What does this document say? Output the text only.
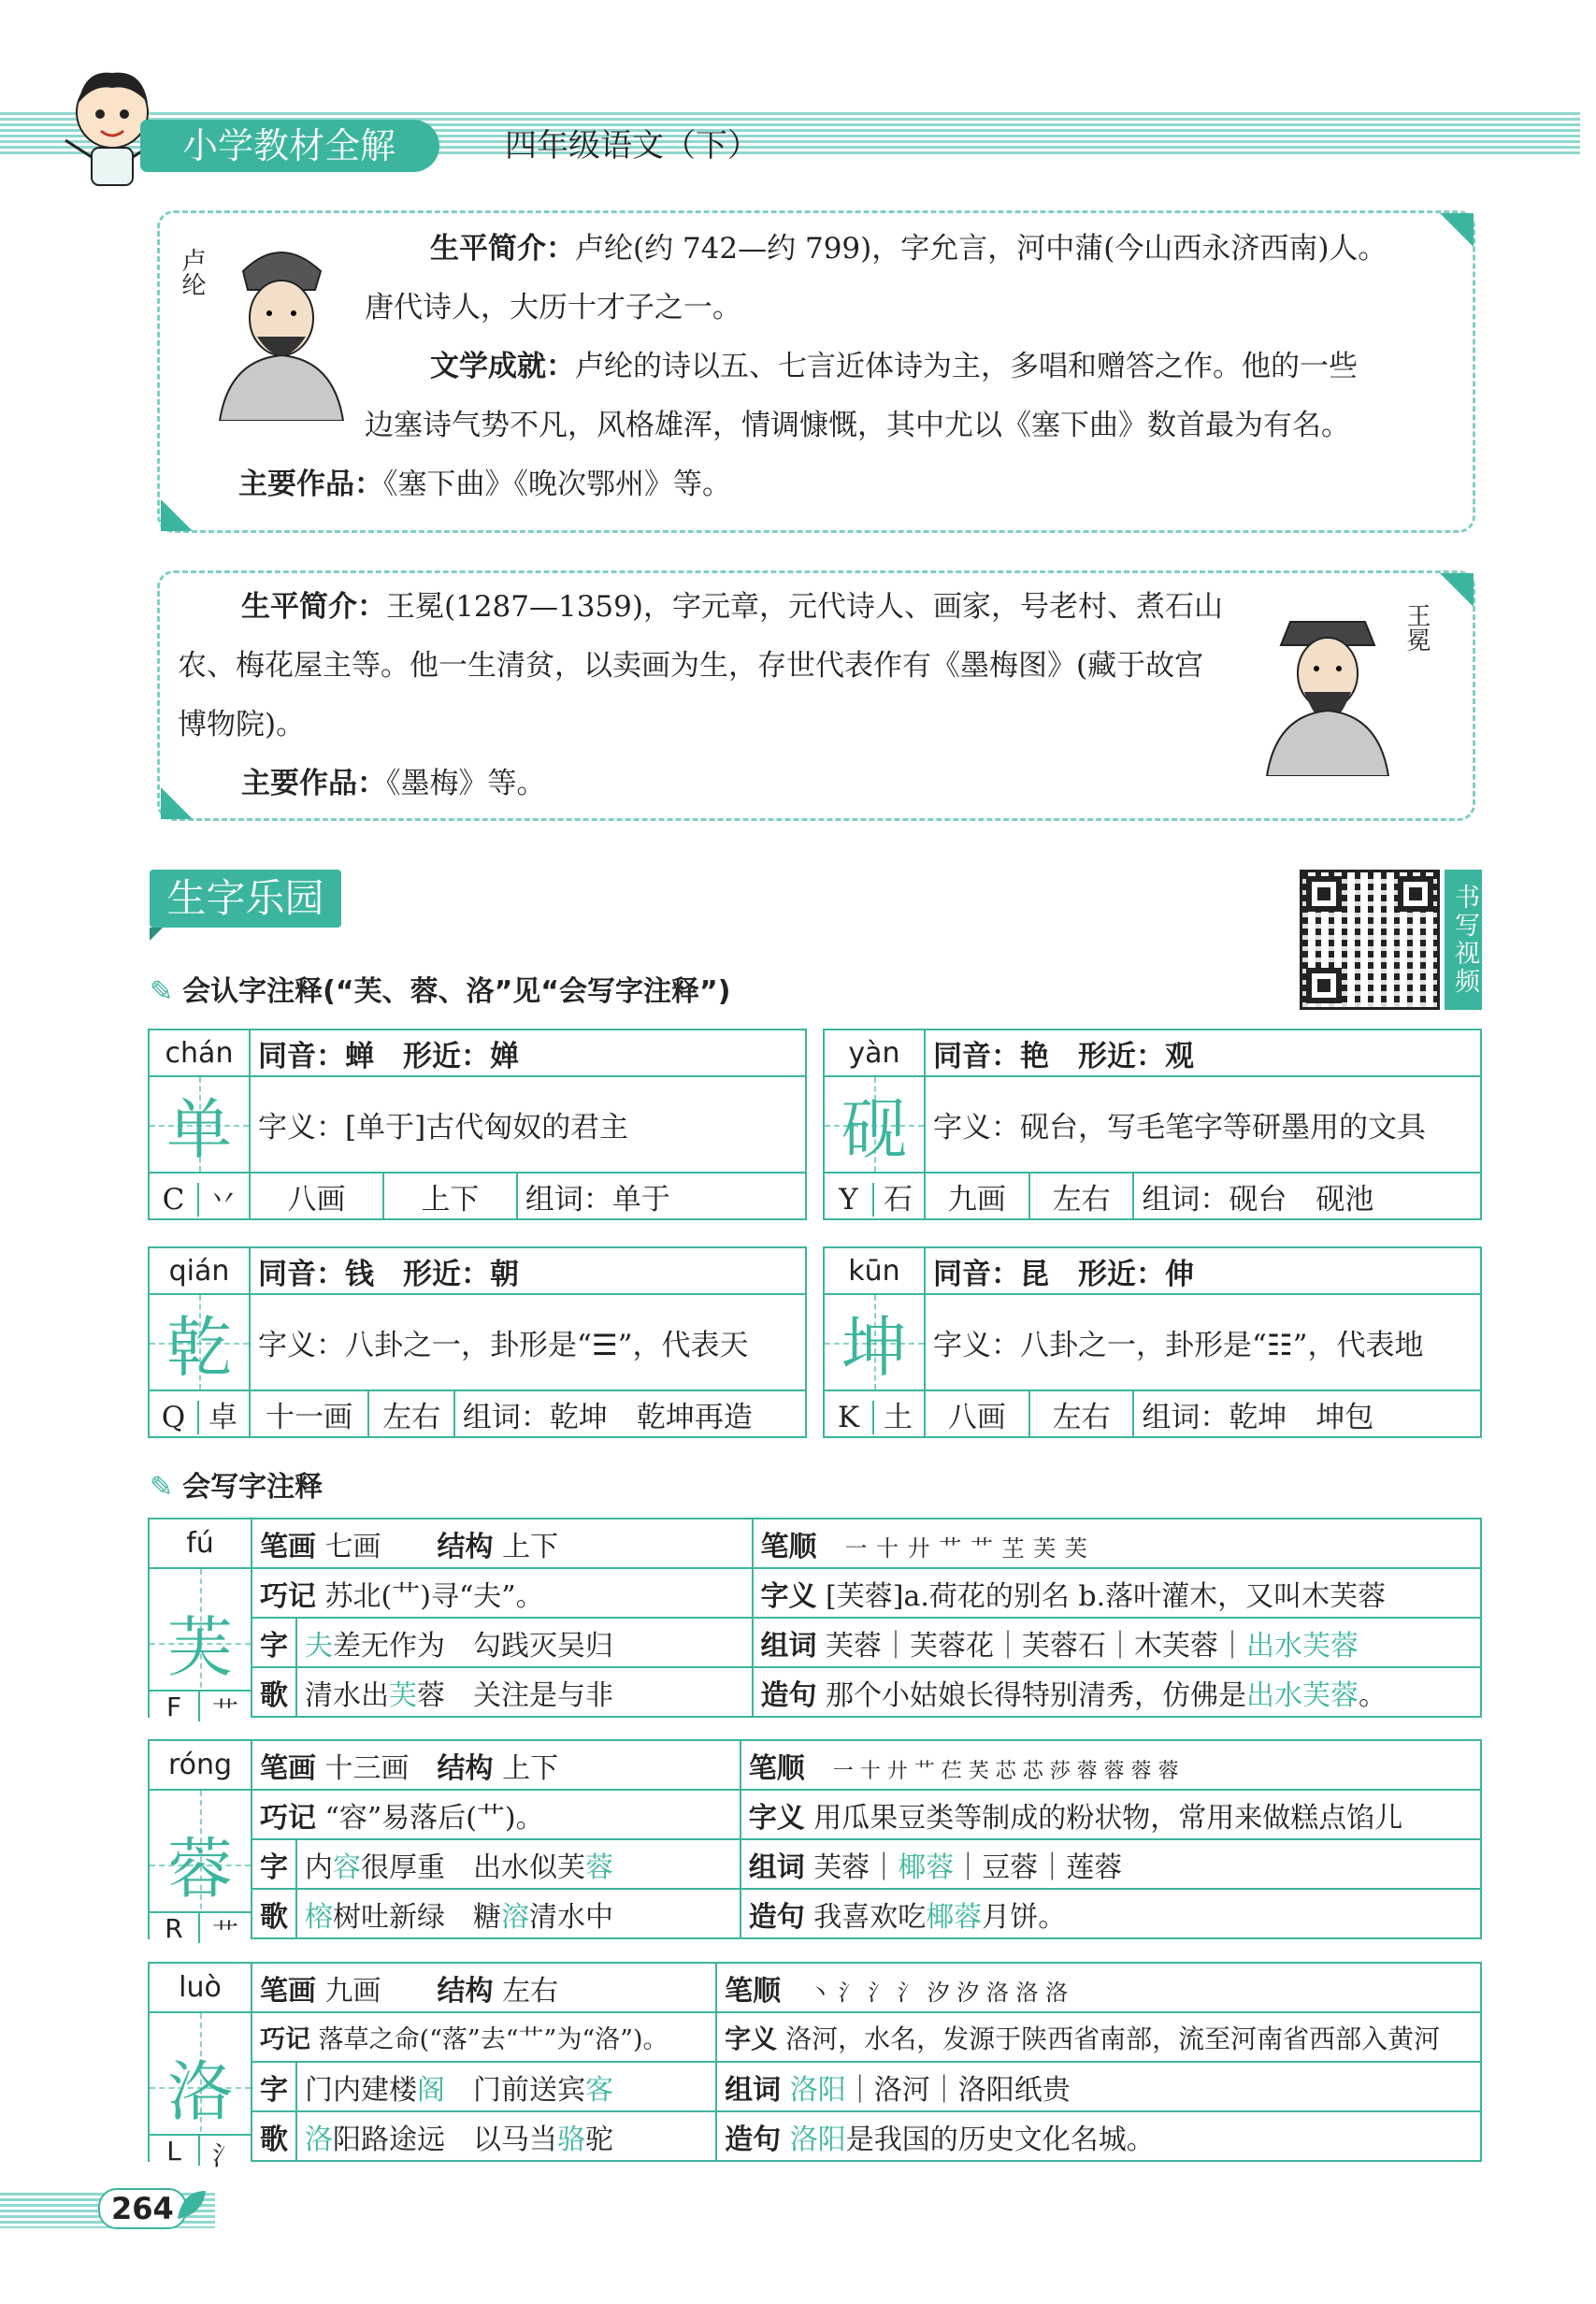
小学教材全解	四年级语文（下）
卢纶	生平简介：卢纶(约 742—约 799)，字允言，河中蒲(今山西永济西南)人。
唐代诗人，大历十才子之一。
文学成就：卢纶的诗以五、七言近体诗为主，多唱和赠答之作。他的一些
边塞诗气势不凡，风格雄浑，情调慷慨，其中尤以《塞下曲》数首最为有名。
主要作品：《塞下曲》《晚次鄂州》等。
生平简介：王冕(1287—1359)，字元章，元代诗人、画家，号老村、煮石山
农、梅花屋主等。他一生清贫，以卖画为生，存世代表作有《墨梅图》(藏于故宫
博物院)。
主要作品：《墨梅》等。
王冕
生字乐园	书写视频
✎ 会认字注释(“芙、蓉、洛”见“会写字注释”)
chán	同音：蝉　 形近：婵		

单	字义：[单于]古代匈奴的君主		
C 丷	八画	上下	组词：单于
yàn	同音：艳　 形近：观		

砚	字义：砚台，写毛笔字等研墨用的文具		
Y 石	九画	左右	组词：砚台　砚池
qián	同音：钱　 形近：朝		

乾	字义：八卦之一，卦形是“☰”，代表天		
Q 卓	十一画	左右	组词：乾坤　乾坤再造
kūn	同音：昆　 形近：伸		

坤	字义：八卦之一，卦形是“☷”，代表地		
K 土	八画	左右	组词：乾坤　坤包
✎ 会写字注释
fú	笔画 七画　　 结构 上下		笔顺　 一 十 廾 艹 艹 芏 芙 芙

芙	巧记 苏北(艹)寻“夫”。		字义 [芙蓉]a.荷花的别名 b.落叶灌木，又叫木芙蓉
	字	夫差无作为　勾践灭吴归	组词 芙蓉｜芙蓉花｜芙蓉石｜木芙蓉｜出水芙蓉
	歌	清水出芙蓉　关注是与非	造句 那个小姑娘长得特别清秀，仿佛是出水芙蓉。
F	艹
róng	笔画 十三画　 结构 上下		笔顺　 一 十 廾 艹 芢 芺 芯 芯 莎 蓉 蓉 蓉 蓉

蓉	巧记 “容”易落后(艹)。		字义 用瓜果豆类等制成的粉状物，常用来做糕点馅儿
	字	内容很厚重　出水似芙蓉	组词 芙蓉｜椰蓉｜豆蓉｜莲蓉
	歌	榕树吐新绿　糖溶清水中	造句 我喜欢吃椰蓉月饼。
R	艹
luò	笔画 九画　　 结构 左右		笔顺　 丶 氵 氵 氵 汐 汐 洛 洛 洛

洛	巧记 落草之命(“落”去“艹”为“洛”)。		字义 洛河，水名，发源于陕西省南部，流至河南省西部入黄河
	字	门内建楼阁　门前送宾客	组词 洛阳｜洛河｜洛阳纸贵
	歌	洛阳路途远　以马当骆驼	造句 洛阳是我国的历史文化名城。
L	氵
264
